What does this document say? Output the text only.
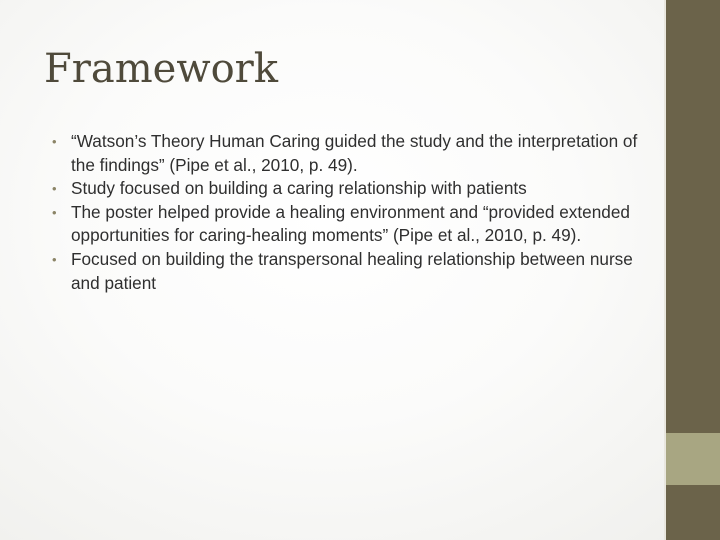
Framework
• “Watson’s Theory Human Caring guided the study and the interpretation of the findings” (Pipe et al., 2010, p. 49).
• Study focused on building a caring relationship with patients
• The poster helped provide a healing environment and “provided extended opportunities for caring-healing moments” (Pipe et al., 2010, p. 49).
• Focused on building the transpersonal healing relationship between nurse and patient
